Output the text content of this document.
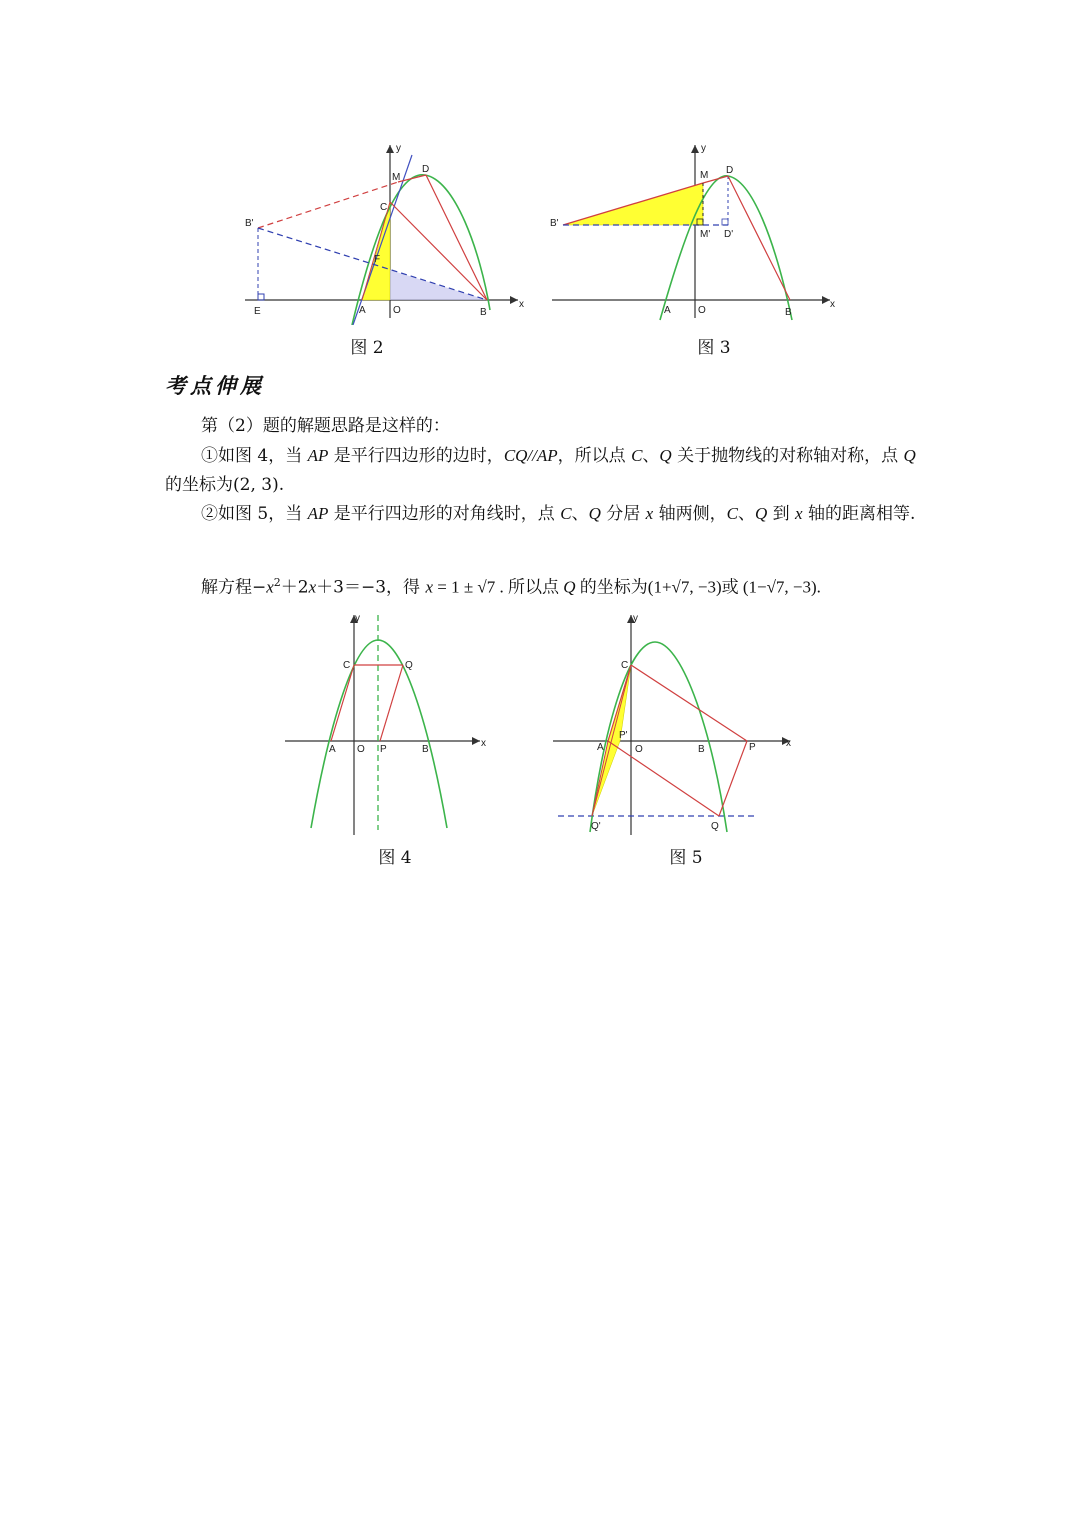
y
x
D
M
C
B'
F
E	A	O	B
图 2
y
x
D
M
B'
M' D'
A	O	B
图 3
考点伸展
第（2）题的解题思路是这样的：
①如图 4，当 AP 是平行四边形的边时，CQ//AP，所以点 C、Q 关于抛物线的对称轴对称，点 Q 的坐标为(2, 3).
②如图 5，当 AP 是平行四边形的对角线时，点 C、Q 分居 x 轴两侧，C、Q 到 x 轴的距离相等.
解方程$-x^2+2x+3=-3$，得 x = 1 ± √7 . 所以点 Q 的坐标为(1+√7, −3)或 (1−√7, −3).
y
x
C	Q
A O P	B
图 4
y
x
C
A
P'
O	B	P
Q'	Q
图 5
